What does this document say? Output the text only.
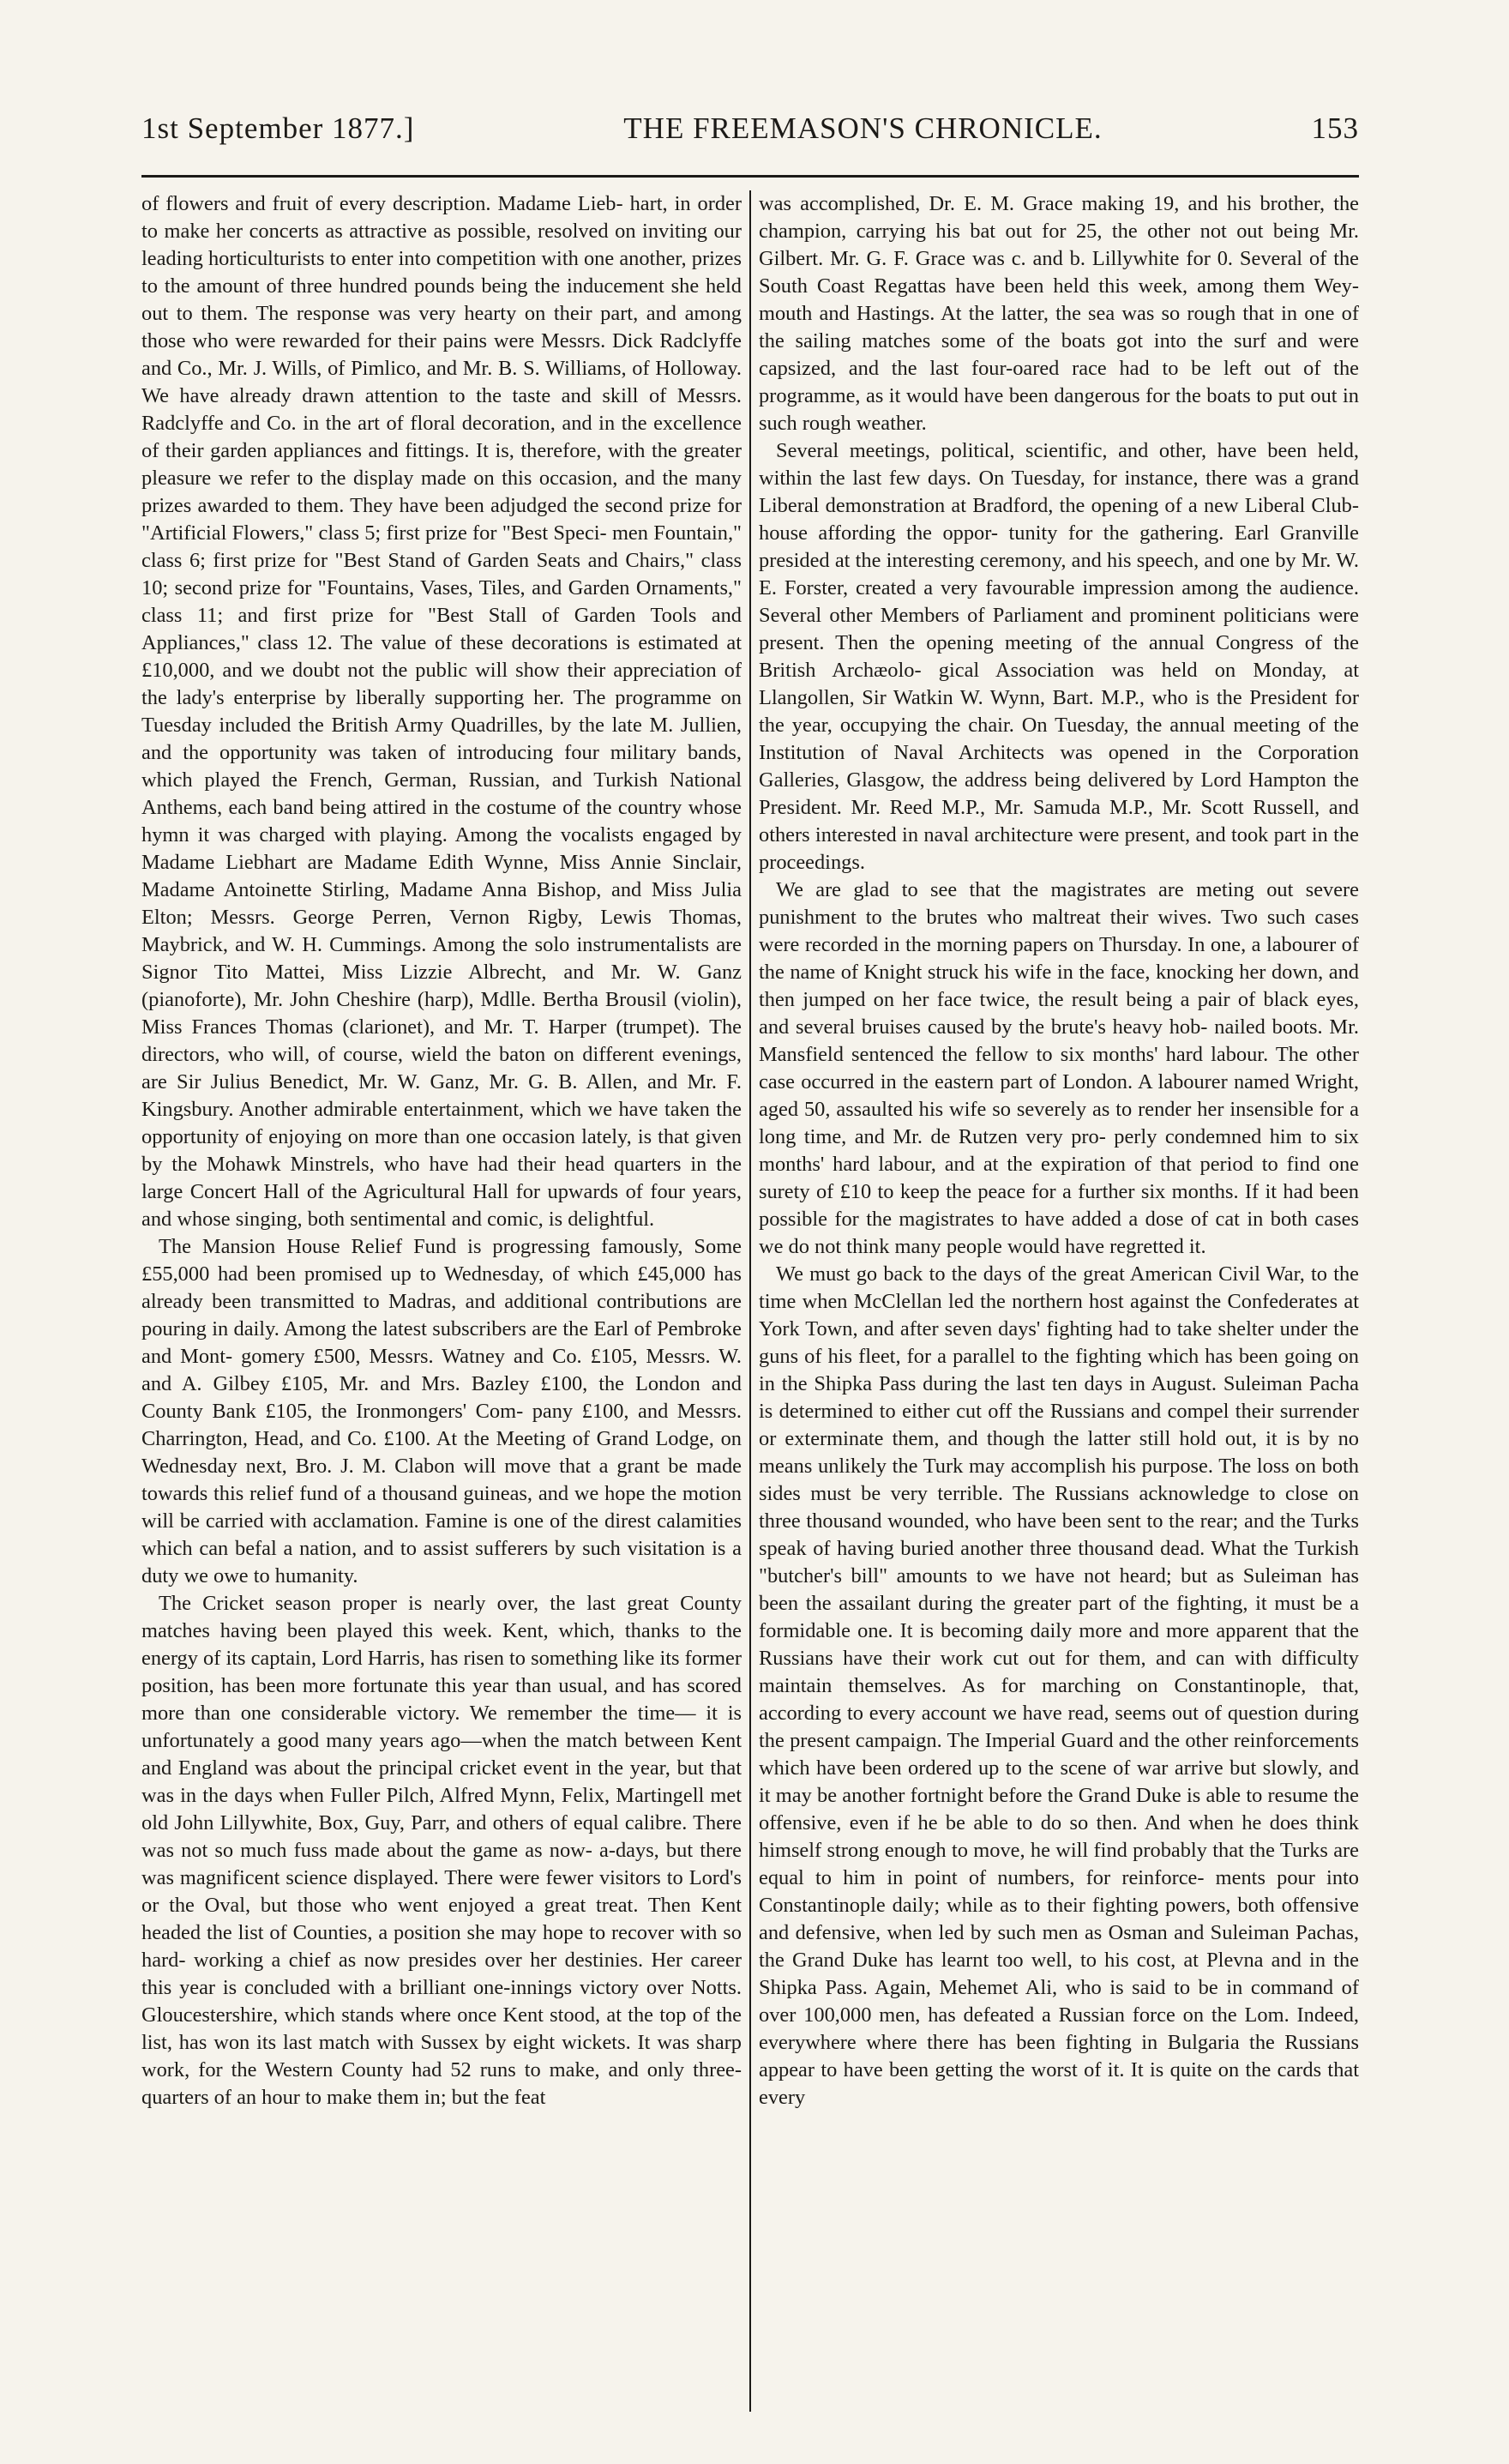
1st September 1877.]	THE FREEMASON'S CHRONICLE.	153

of flowers and fruit of every description. Madame Lieb- hart, in order to make her concerts as attractive as possible, resolved on inviting our leading horticulturists to enter into competition with one another, prizes to the amount of three hundred pounds being the inducement she held out to them. The response was very hearty on their part, and among those who were rewarded for their pains were Messrs. Dick Radclyffe and Co., Mr. J. Wills, of Pimlico, and Mr. B. S. Williams, of Holloway. We have already drawn attention to the taste and skill of Messrs. Radclyffe and Co. in the art of floral decoration, and in the excellence of their garden appliances and fittings. It is, therefore, with the greater pleasure we refer to the display made on this occasion, and the many prizes awarded to them. They have been adjudged the second prize for "Artificial Flowers," class 5; first prize for "Best Speci- men Fountain," class 6; first prize for "Best Stand of Garden Seats and Chairs," class 10; second prize for "Fountains, Vases, Tiles, and Garden Ornaments," class 11; and first prize for "Best Stall of Garden Tools and Appliances," class 12. The value of these decorations is estimated at £10,000, and we doubt not the public will show their appreciation of the lady's enterprise by liberally supporting her. The programme on Tuesday included the British Army Quadrilles, by the late M. Jullien, and the opportunity was taken of introducing four military bands, which played the French, German, Russian, and Turkish National Anthems, each band being attired in the costume of the country whose hymn it was charged with playing. Among the vocalists engaged by Madame Liebhart are Madame Edith Wynne, Miss Annie Sinclair, Madame Antoinette Stirling, Madame Anna Bishop, and Miss Julia Elton; Messrs. George Perren, Vernon Rigby, Lewis Thomas, Maybrick, and W. H. Cummings. Among the solo instrumentalists are Signor Tito Mattei, Miss Lizzie Albrecht, and Mr. W. Ganz (pianoforte), Mr. John Cheshire (harp), Mdlle. Bertha Brousil (violin), Miss Frances Thomas (clarionet), and Mr. T. Harper (trumpet). The directors, who will, of course, wield the baton on different evenings, are Sir Julius Benedict, Mr. W. Ganz, Mr. G. B. Allen, and Mr. F. Kingsbury. Another admirable entertainment, which we have taken the opportunity of enjoying on more than one occasion lately, is that given by the Mohawk Minstrels, who have had their head quarters in the large Concert Hall of the Agricultural Hall for upwards of four years, and whose singing, both sentimental and comic, is delightful.

The Mansion House Relief Fund is progressing famously, Some £55,000 had been promised up to Wednesday, of which £45,000 has already been transmitted to Madras, and additional contributions are pouring in daily. Among the latest subscribers are the Earl of Pembroke and Mont- gomery £500, Messrs. Watney and Co. £105, Messrs. W. and A. Gilbey £105, Mr. and Mrs. Bazley £100, the London and County Bank £105, the Ironmongers' Com- pany £100, and Messrs. Charrington, Head, and Co. £100. At the Meeting of Grand Lodge, on Wednesday next, Bro. J. M. Clabon will move that a grant be made towards this relief fund of a thousand guineas, and we hope the motion will be carried with acclamation. Famine is one of the direst calamities which can befal a nation, and to assist sufferers by such visitation is a duty we owe to humanity.

The Cricket season proper is nearly over, the last great County matches having been played this week. Kent, which, thanks to the energy of its captain, Lord Harris, has risen to something like its former position, has been more fortunate this year than usual, and has scored more than one considerable victory. We remember the time— it is unfortunately a good many years ago—when the match between Kent and England was about the principal cricket event in the year, but that was in the days when Fuller Pilch, Alfred Mynn, Felix, Martingell met old John Lillywhite, Box, Guy, Parr, and others of equal calibre. There was not so much fuss made about the game as now- a-days, but there was magnificent science displayed. There were fewer visitors to Lord's or the Oval, but those who went enjoyed a great treat. Then Kent headed the list of Counties, a position she may hope to recover with so hard- working a chief as now presides over her destinies. Her career this year is concluded with a brilliant one-innings victory over Notts. Gloucestershire, which stands where once Kent stood, at the top of the list, has won its last match with Sussex by eight wickets. It was sharp work, for the Western County had 52 runs to make, and only three-quarters of an hour to make them in; but the feat

was accomplished, Dr. E. M. Grace making 19, and his brother, the champion, carrying his bat out for 25, the other not out being Mr. Gilbert. Mr. G. F. Grace was c. and b. Lillywhite for 0. Several of the South Coast Regattas have been held this week, among them Wey- mouth and Hastings. At the latter, the sea was so rough that in one of the sailing matches some of the boats got into the surf and were capsized, and the last four-oared race had to be left out of the programme, as it would have been dangerous for the boats to put out in such rough weather.

Several meetings, political, scientific, and other, have been held, within the last few days. On Tuesday, for instance, there was a grand Liberal demonstration at Bradford, the opening of a new Liberal Club-house affording the oppor- tunity for the gathering. Earl Granville presided at the interesting ceremony, and his speech, and one by Mr. W. E. Forster, created a very favourable impression among the audience. Several other Members of Parliament and prominent politicians were present. Then the opening meeting of the annual Congress of the British Archæolo- gical Association was held on Monday, at Llangollen, Sir Watkin W. Wynn, Bart. M.P., who is the President for the year, occupying the chair. On Tuesday, the annual meeting of the Institution of Naval Architects was opened in the Corporation Galleries, Glasgow, the address being delivered by Lord Hampton the President. Mr. Reed M.P., Mr. Samuda M.P., Mr. Scott Russell, and others interested in naval architecture were present, and took part in the proceedings.

We are glad to see that the magistrates are meting out severe punishment to the brutes who maltreat their wives. Two such cases were recorded in the morning papers on Thursday. In one, a labourer of the name of Knight struck his wife in the face, knocking her down, and then jumped on her face twice, the result being a pair of black eyes, and several bruises caused by the brute's heavy hob- nailed boots. Mr. Mansfield sentenced the fellow to six months' hard labour. The other case occurred in the eastern part of London. A labourer named Wright, aged 50, assaulted his wife so severely as to render her insensible for a long time, and Mr. de Rutzen very pro- perly condemned him to six months' hard labour, and at the expiration of that period to find one surety of £10 to keep the peace for a further six months. If it had been possible for the magistrates to have added a dose of cat in both cases we do not think many people would have regretted it.

We must go back to the days of the great American Civil War, to the time when McClellan led the northern host against the Confederates at York Town, and after seven days' fighting had to take shelter under the guns of his fleet, for a parallel to the fighting which has been going on in the Shipka Pass during the last ten days in August. Suleiman Pacha is determined to either cut off the Russians and compel their surrender or exterminate them, and though the latter still hold out, it is by no means unlikely the Turk may accomplish his purpose. The loss on both sides must be very terrible. The Russians acknowledge to close on three thousand wounded, who have been sent to the rear; and the Turks speak of having buried another three thousand dead. What the Turkish "butcher's bill" amounts to we have not heard; but as Suleiman has been the assailant during the greater part of the fighting, it must be a formidable one. It is becoming daily more and more apparent that the Russians have their work cut out for them, and can with difficulty maintain themselves. As for marching on Constantinople, that, according to every account we have read, seems out of question during the present campaign. The Imperial Guard and the other reinforcements which have been ordered up to the scene of war arrive but slowly, and it may be another fortnight before the Grand Duke is able to resume the offensive, even if he be able to do so then. And when he does think himself strong enough to move, he will find probably that the Turks are equal to him in point of numbers, for reinforce- ments pour into Constantinople daily; while as to their fighting powers, both offensive and defensive, when led by such men as Osman and Suleiman Pachas, the Grand Duke has learnt too well, to his cost, at Plevna and in the Shipka Pass. Again, Mehemet Ali, who is said to be in command of over 100,000 men, has defeated a Russian force on the Lom. Indeed, everywhere where there has been fighting in Bulgaria the Russians appear to have been getting the worst of it. It is quite on the cards that every
